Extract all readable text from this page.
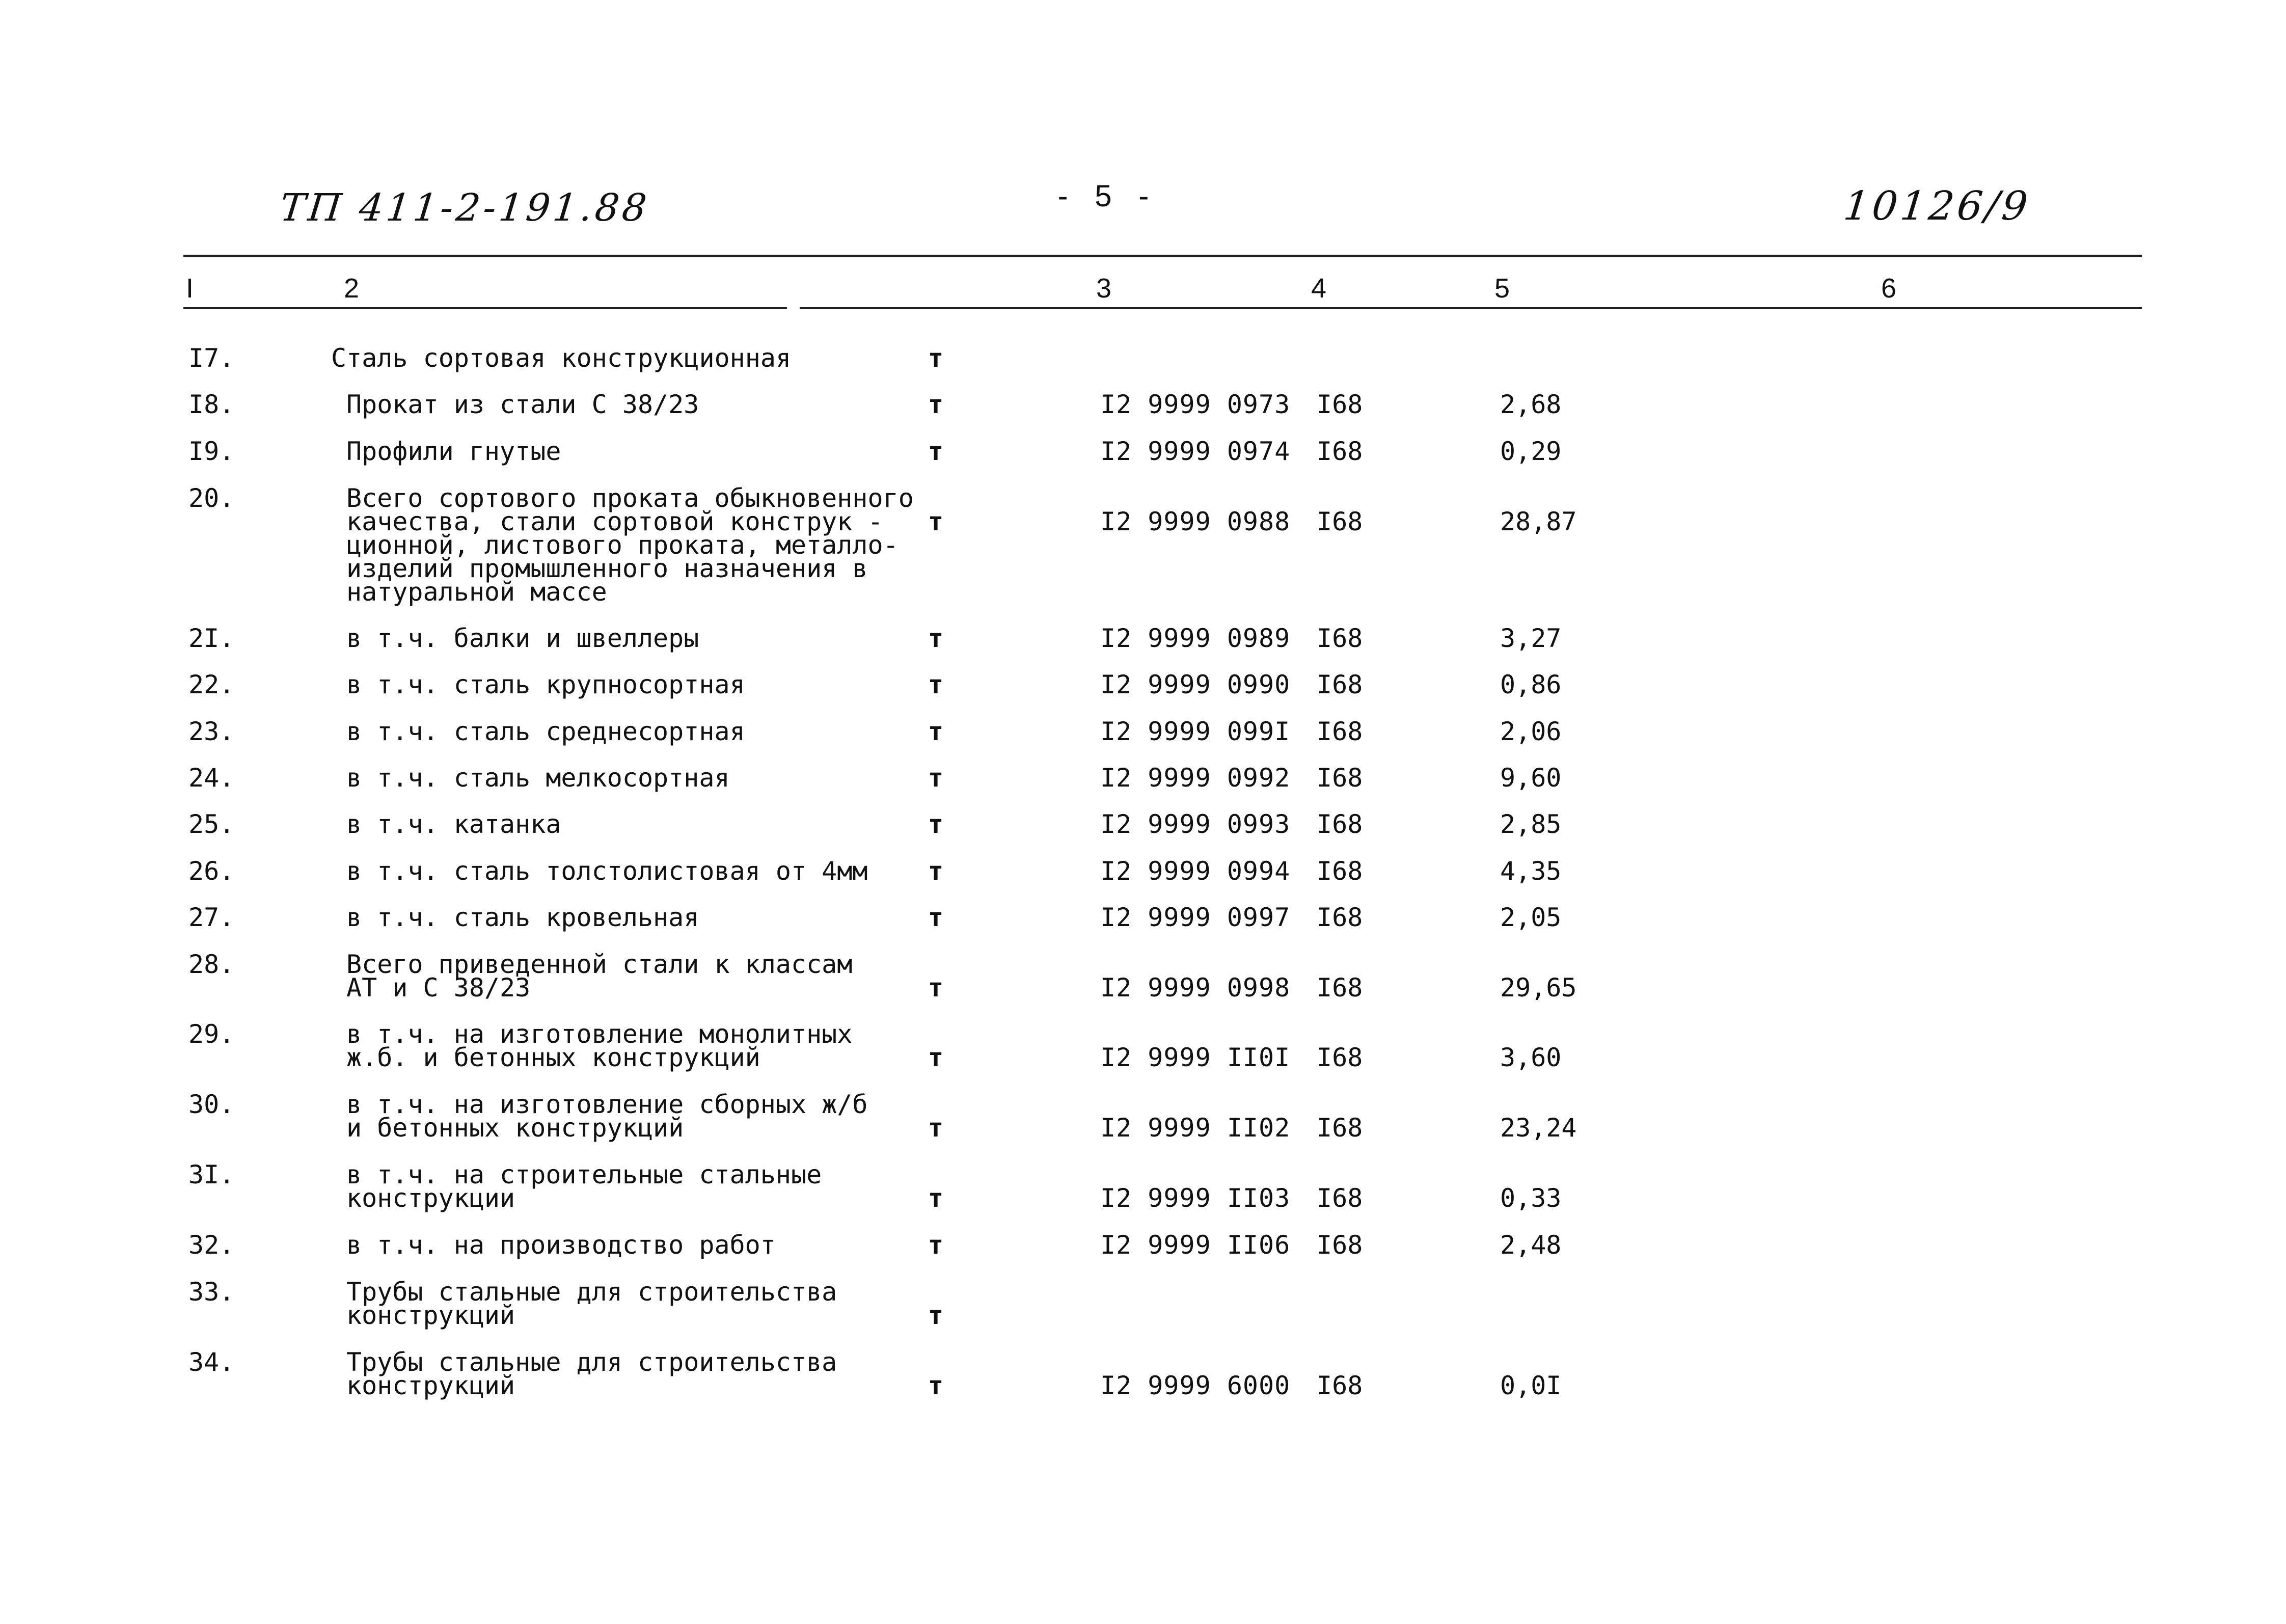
ТП 411-2-191.88	- 5 -	10126/9
I	2	3	4	5	6
I7.	Сталь сортовая конструкционная	т
I8.	Прокат из стали С 38/23	т	I2 9999 0973 I68	2,68
I9.	Профили гнутые	т	I2 9999 0974 I68	0,29
20.	Всего сортового проката обыкновенного
качества, стали сортовой конструк -
ционной, листового проката, металло-
изделий промышленного назначения в
натуральной массе
т	I2 9999 0988 I68	28,87
2I.	в т.ч. балки и швеллеры	т	I2 9999 0989 I68	3,27
22.	в т.ч. сталь крупносортная	т	I2 9999 0990 I68	0,86
23.	в т.ч. сталь среднесортная	т	I2 9999 099I I68	2,06
24.	в т.ч. сталь мелкосортная	т	I2 9999 0992 I68	9,60
25.	в т.ч. катанка	т	I2 9999 0993 I68	2,85
26.	в т.ч. сталь толстолистовая от 4мм т	I2 9999 0994 I68	4,35
27.	в т.ч. сталь кровельная	т	I2 9999 0997 I68	2,05
28.	Всего приведенной стали к классам
АТ и С 38/23	т	I2 9999 0998 I68	29,65
29.	в т.ч. на изготовление монолитных
ж.б. и бетонных конструкций	т	I2 9999 II0I I68	3,60
30.	в т.ч. на изготовление сборных ж/б
и бетонных конструкций	т	I2 9999 II02 I68	23,24
3I.	в т.ч. на строительные стальные
конструкции	т	I2 9999 II03 I68	0,33
32.	в т.ч. на производство работ	т	I2 9999 II06 I68	2,48
33.	Трубы стальные для строительства
конструкций	т
34.	Трубы стальные для строительства
конструкций	т	I2 9999 6000 I68	0,0I
